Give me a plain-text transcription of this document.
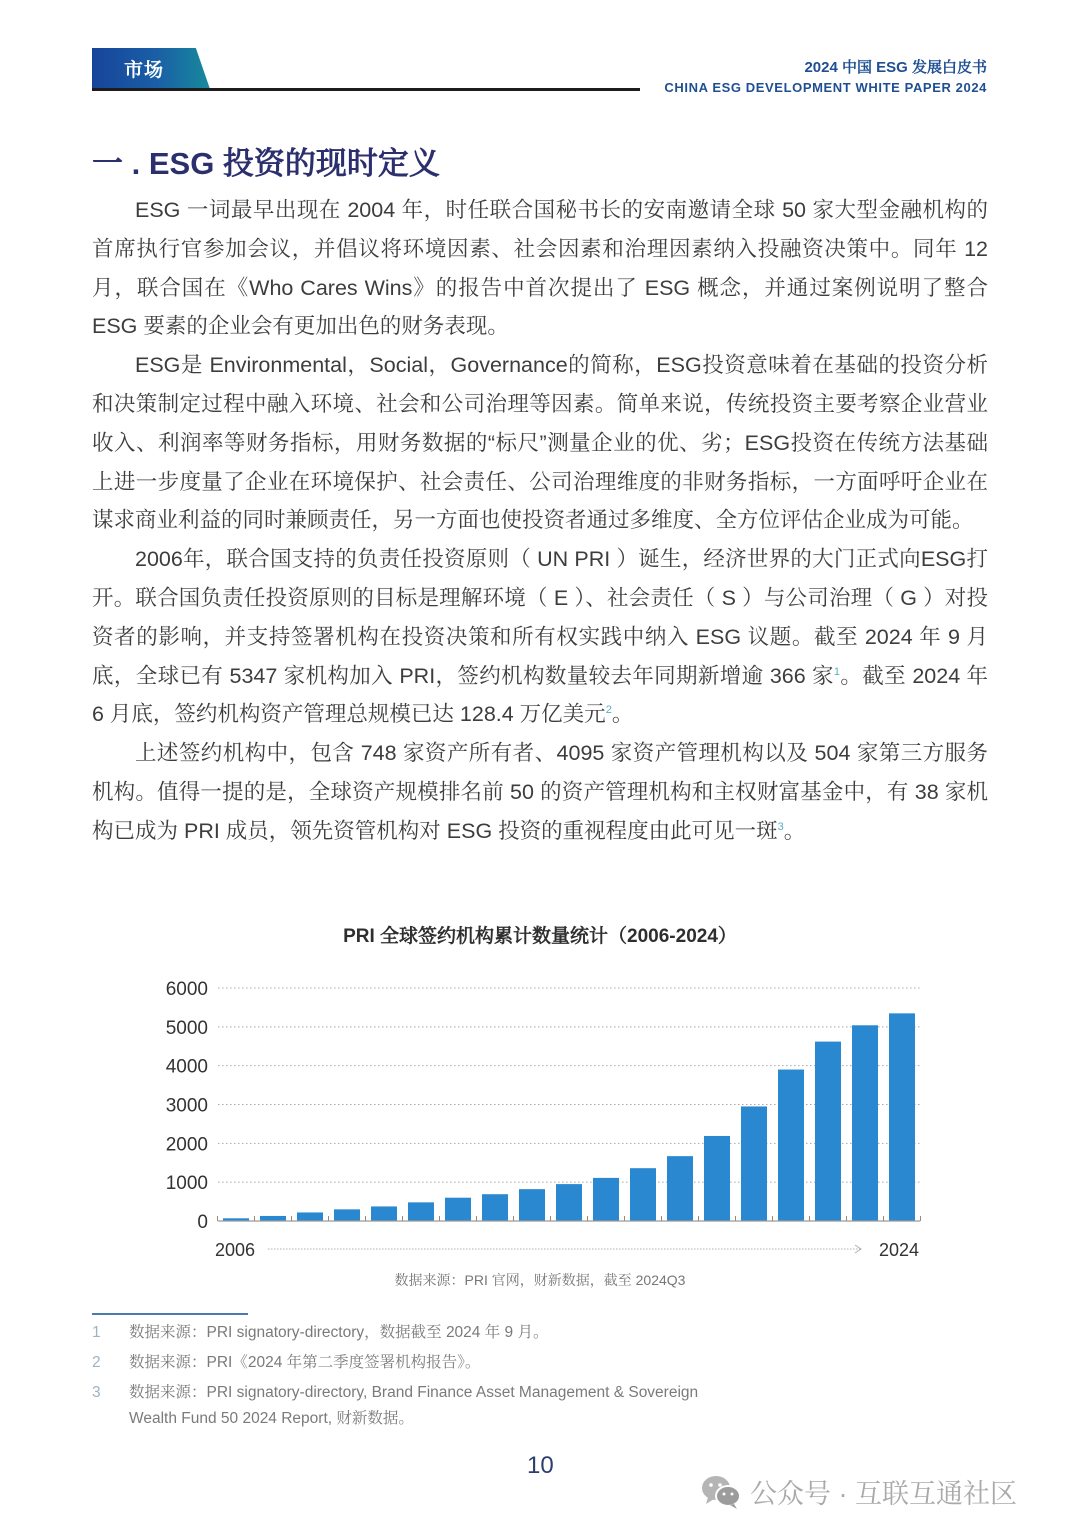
市场	2024 中国 ESG 发展白皮书
CHINA ESG DEVELOPMENT WHITE PAPER 2024
一 . ESG 投资的现时定义

ESG 一词最早出现在 2004 年，时任联合国秘书长的安南邀请全球 50 家大型金融机构的首席执行官参加会议，并倡议将环境因素、社会因素和治理因素纳入投融资决策中。同年 12 月，联合国在《Who Cares Wins》的报告中首次提出了 ESG 概念，并通过案例说明了整合 ESG 要素的企业会有更加出色的财务表现。

ESG是 Environmental，Social，Governance的简称，ESG投资意味着在基础的投资分析和决策制定过程中融入环境、社会和公司治理等因素。简单来说，传统投资主要考察企业营业收入、利润率等财务指标，用财务数据的“标尺”测量企业的优、劣；ESG投资在传统方法基础上进一步度量了企业在环境保护、社会责任、公司治理维度的非财务指标，一方面呼吁企业在谋求商业利益的同时兼顾责任，另一方面也使投资者通过多维度、全方位评估企业成为可能。

2006年，联合国支持的负责任投资原则（ UN PRI ）诞生，经济世界的大门正式向ESG打开。联合国负责任投资原则的目标是理解环境（ E ）、社会责任（ S ）与公司治理（ G ）对投资者的影响，并支持签署机构在投资决策和所有权实践中纳入 ESG 议题。截至 2024 年 9 月底，全球已有 5347 家机构加入 PRI，签约机构数量较去年同期新增逾 366 家$^1$。截至 2024 年 6 月底，签约机构资产管理总规模已达 128.4 万亿美元$^2$。

上述签约机构中，包含 748 家资产所有者、4095 家资产管理机构以及 504 家第三方服务机构。值得一提的是，全球资产规模排名前 50 的资产管理机构和主权财富基金中，有 38 家机构已成为 PRI 成员，领先资管机构对 ESG 投资的重视程度由此可见一斑$^3$。

PRI 全球签约机构累计数量统计（2006-2024）
0
1000
2000
3000
4000
5000
6000
2006	2024
数据来源：PRI 官网，财新数据，截至 2024Q3
1	数据来源：PRI signatory-directory，数据截至 2024 年 9 月。
2	数据来源：PRI《2024 年第二季度签署机构报告》。
3	数据来源：PRI signatory-directory, Brand Finance Asset Management & Sovereign Wealth Fund 50 2024 Report, 财新数据。
10
公众号 · 互联互通社区
